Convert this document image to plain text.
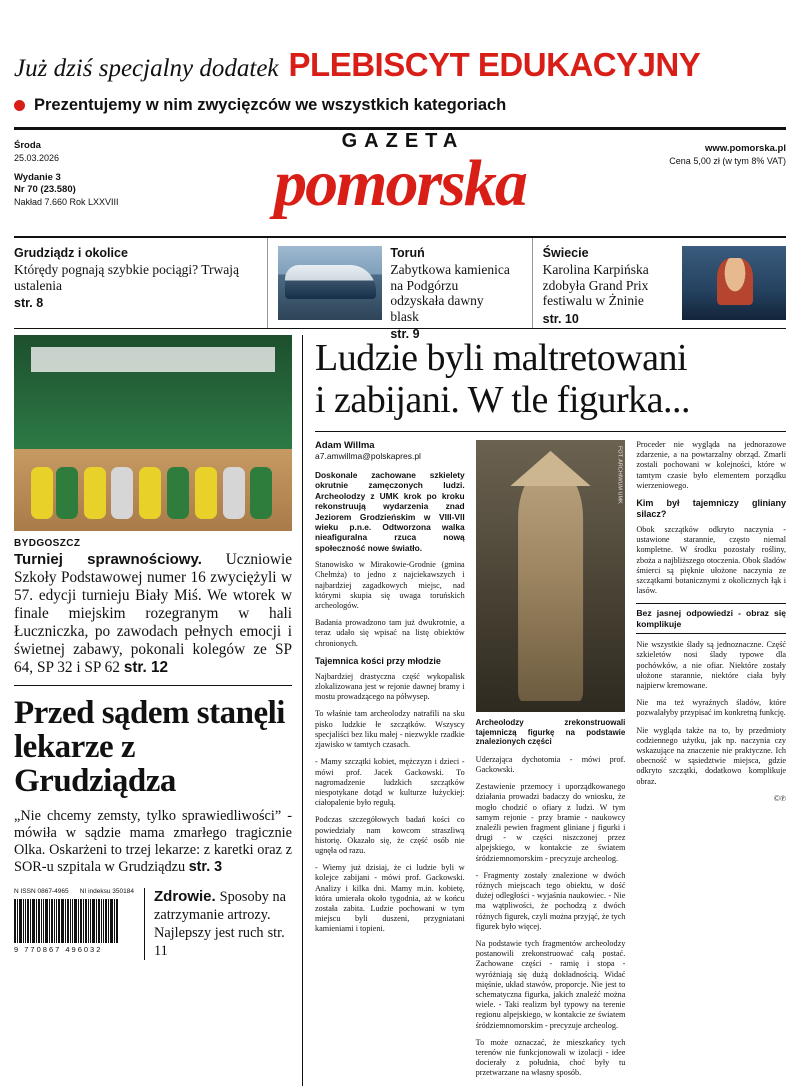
Już dziś specjalny dodatek PLEBISCYT EDUKACYJNY
Prezentujemy w nim zwycięzców we wszystkich kategoriach
Środa
25.03.2026
Wydanie 3
Nr 70 (23.580)
Nakład 7.660 Rok LXXVIII
GAZETA
pomorska	www.pomorska.pl
Cena 5,00 zł (w tym 8% VAT)
Grudziądz i okolice
Którędy pognają szybkie pociągi? Trwają ustalenia
str. 8
Toruń
Zabytkowa kamienica na Podgórzu odzyskała dawny blask
str. 9
Świecie
Karolina Karpińska zdobyła Grand Prix festiwalu w Żninie
str. 10
BYDGOSZCZ
Turniej sprawnościowy. Uczniowie Szkoły Podstawowej numer 16 zwyciężyli w 57. edycji turnieju Biały Miś. We wtorek w finale miejskim rozegranym w hali Łuczniczka, po zawodach pełnych emocji i świetnej zabawy, pokonali kolegów ze SP 64, SP 32 i SP 62 str. 12
Przed sądem stanęli lekarze z Grudziądza
„Nie chcemy zemsty, tylko sprawiedliwości” - mówiła w sądzie mama zmarłego tragicznie Olka. Oskarżeni to trzej lekarze: z karetki oraz z SOR-u szpitala w Grudziądzu str. 3
N ISSN 0867-4965 NI indeksu 350184
9 770867 496032
Zdrowie. Sposoby na zatrzymanie artrozy. Najlepszy jest ruch str. 11
Ludzie byli maltretowani
i zabijani. W tle figurka...
Adam Willma
a7.amwillma@polskapres.pl

Doskonale zachowane szkielety okrutnie zamęczonych ludzi. Archeolodzy z UMK krok po kroku rekonstruują wydarzenia znad Jeziorem Grodzieńskim w VIII-VII wieku p.n.e. Odtworzona walka nieafiguralna rzuca nową społeczność nowe światło.

Stanowisko w Mirakowie-Grodnie (gmina Chełmża) to jedno z najciekawszych i najbardziej zagadkowych miejsc, nad którymi skupia się uwaga toruńskich archeologów.

Badania prowadzono tam już dwukrotnie, a teraz udało się wpisać na listę obiektów chronionych.

Tajemnica kości przy młodzie

Najbardziej drastyczna część wykopalisk zlokalizowana jest w rejonie dawnej bramy i mostu prowadzącego na półwysep.

To właśnie tam archeolodzy natrafili na sku pisko ludzkie łe szczątków. Wszyscy specjaliści bez liku małej - niezwykle rzadkie zjawisko w tamtych czasach.

- Mamy szczątki kobiet, mężczyzn i dzieci - mówi prof. Jacek Gackowski. To nagromadzenie ludzkich szczątków niespotykane dotąd w kulturze łużyckiej: ciałopalenie było regułą.

Podczas szczegółowych badań kości co powiedziały nam kowcom straszliwą historię. Okazało się, że część osób nie ugnęła od razu.

- Wiemy już dzisiaj, że ci ludzie byli w kolejce zabijani - mówi prof. Gackowski. Analizy i kilka dni. Mamy m.in. kobietę, która umierała około tygodnia, aż w końcu została zabita. Ludzie pochowani w tym miejscu byli duszeni, przygniatani kamieniami i topieni.

FOT. ARCHIWUM UMK
Archeolodzy zrekonstruowali tajemniczą figurkę na podstawie znalezionych części

Uderzająca dychotomia - mówi prof. Gackowski.

Zestawienie przemocy i uporządkowanego działania prowadzi badaczy do wniosku, że mogło chodzić o ofiary z ludzi. W tym samym rejonie - przy bramie - naukowcy znaleźli pewien fragment gliniane j figurki i drugi - w części niszczonej przez alpejskiego, w kontakcie ze światem śródziemnomorskim - precyzuje archeolog.

- Fragmenty zostały znalezione w dwóch różnych miejscach tego obiektu, w dość dużej odległości - wyjaśnia naukowiec. - Nie ma wątpliwości, że pochodzą z dwóch różnych figurek, czyli można przyjąć, że tych figurek było więcej.

Na podstawie tych fragmentów archeolodzy postanowili zrekonstruować całą postać. Zachowane części - ramię i stopa - wyróżniają się dużą dokładnością. Widać mięśnie, układ stawów, proporcje. Nie jest to schematyczna figurka, jakich znaleźć można wiele. - Taki realizm był typowy na terenie regionu alpejskiego, w kontakcie ze światem śródziemnomorskim - precyzuje archeolog.

To może oznaczać, że mieszkańcy tych terenów nie funkcjonowali w izolacji - idee docierały z południa, choć były tu przetwarzane na własny sposób.

Proceder nie wygląda na jednorazowe zdarzenie, a na powtarzalny obrząd. Zmarli zostali pochowani w kolejności, które w tamtym czasie było elementem porządku wierzeniowego.

Kim był tajemniczy gliniany silacz?

Obok szczątków odkryto naczynia - ustawione starannie, często niemal kompletne. W środku pozostały rośliny, zboża a najbliższego otoczenia. Obok śladów śmierci są pięknie ułożone naczynia ze szczątkami botanicznymi z okolicznych łąk i lasów.

Bez jasnej odpowiedzi - obraz się komplikuje

Nie wszystkie ślady są jednoznaczne. Część szkieletów nosi ślady typowe dla pochówków, a nie ofiar. Niektóre zostały ułożone starannie, niektóre ciała były najpierw kremowane.

Nie ma też wyraźnych śladów, które pozwalałyby przypisać im konkretną funkcję.

Nie wygląda także na to, by przedmioty codziennego użytku, jak np. naczynia czy wskazujące na znaczenie nie praktyczne. Ich obecność w sąsiedztwie miejsca, gdzie odkryto szczątki, dodatkowo komplikuje obraz.

©℗
